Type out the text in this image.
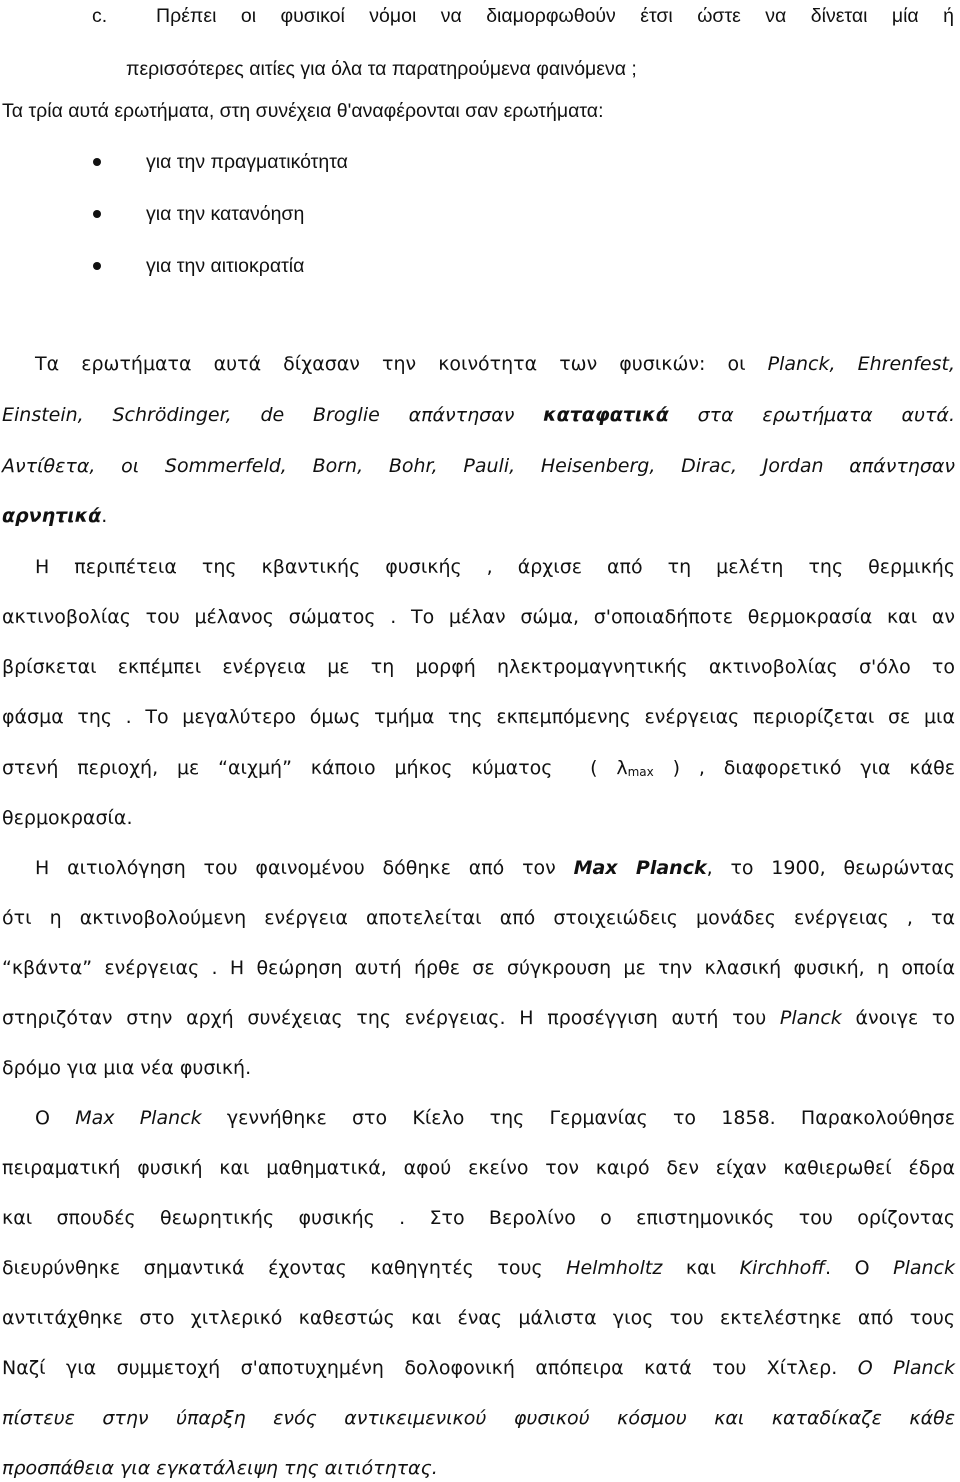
c.  Πρέπει οι φυσικοί νόμοι να διαμορφωθούν έτσι ώστε να δίνεται μία ή

περισσότερες αιτίες για όλα τα παρατηρούμενα φαινόμενα ;

Τα τρία αυτά ερωτήματα, στη συνέχεια θ'αναφέρονται σαν ερωτήματα:

για την πραγματικότητα

για την κατανόηση

για την αιτιοκρατία

Τα ερωτήματα αυτά δίχασαν την κοινότητα των φυσικών: οι Planck, Ehrenfest,

Einstein, Schrödinger, de Broglie απάντησαν καταφατικά στα ερωτήματα αυτά.

Αντίθετα, οι Sommerfeld, Born, Bohr, Pauli, Heisenberg, Dirac, Jordan απάντησαν

αρνητικά.

Η περιπέτεια της κβαντικής φυσικής , άρχισε από τη μελέτη της θερμικής

ακτινοβολίας του μέλανος σώματος . Το μέλαν σώμα, σ'οποιαδήποτε θερμοκρασία και αν

βρίσκεται εκπέμπει ενέργεια με τη μορφή ηλεκτρομαγνητικής ακτινοβολίας σ'όλο το

φάσμα της . Το μεγαλύτερο όμως τμήμα της εκπεμπόμενης ενέργειας περιορίζεται σε μια

στενή περιοχή, με “αιχμή” κάποιο μήκος κύματος  ( λmax ) , διαφορετικό για κάθε

θερμοκρασία.

Η αιτιολόγηση του φαινομένου δόθηκε από τον Max Planck, το 1900, θεωρώντας

ότι η ακτινοβολούμενη ενέργεια αποτελείται από στοιχειώδεις μονάδες ενέργειας , τα

“κβάντα” ενέργειας . Η θεώρηση αυτή ήρθε σε σύγκρουση με την κλασική φυσική, η οποία

στηριζόταν στην αρχή συνέχειας της ενέργειας. Η προσέγγιση αυτή του Planck άνοιγε το

δρόμο για μια νέα φυσική.

Ο Max Planck γεννήθηκε στο Κίελο της Γερμανίας το 1858. Παρακολούθησε

πειραματική φυσική και μαθηματικά, αφού εκείνο τον καιρό δεν είχαν καθιερωθεί έδρα

και σπουδές θεωρητικής φυσικής . Στο Βερολίνο ο επιστημονικός του ορίζοντας

διευρύνθηκε σημαντικά έχοντας καθηγητές τους Helmholtz και Kirchhoff. Ο Planck

αντιτάχθηκε στο χιτλερικό καθεστώς και ένας μάλιστα γιος του εκτελέστηκε από τους

Ναζί για συμμετοχή σ'αποτυχημένη δολοφονική απόπειρα κατά του Χίτλερ. Ο Planck

πίστευε στην ύπαρξη ενός αντικειμενικού φυσικού κόσμου και καταδίκαζε κάθε

προσπάθεια για εγκατάλειψη της αιτιότητας.
